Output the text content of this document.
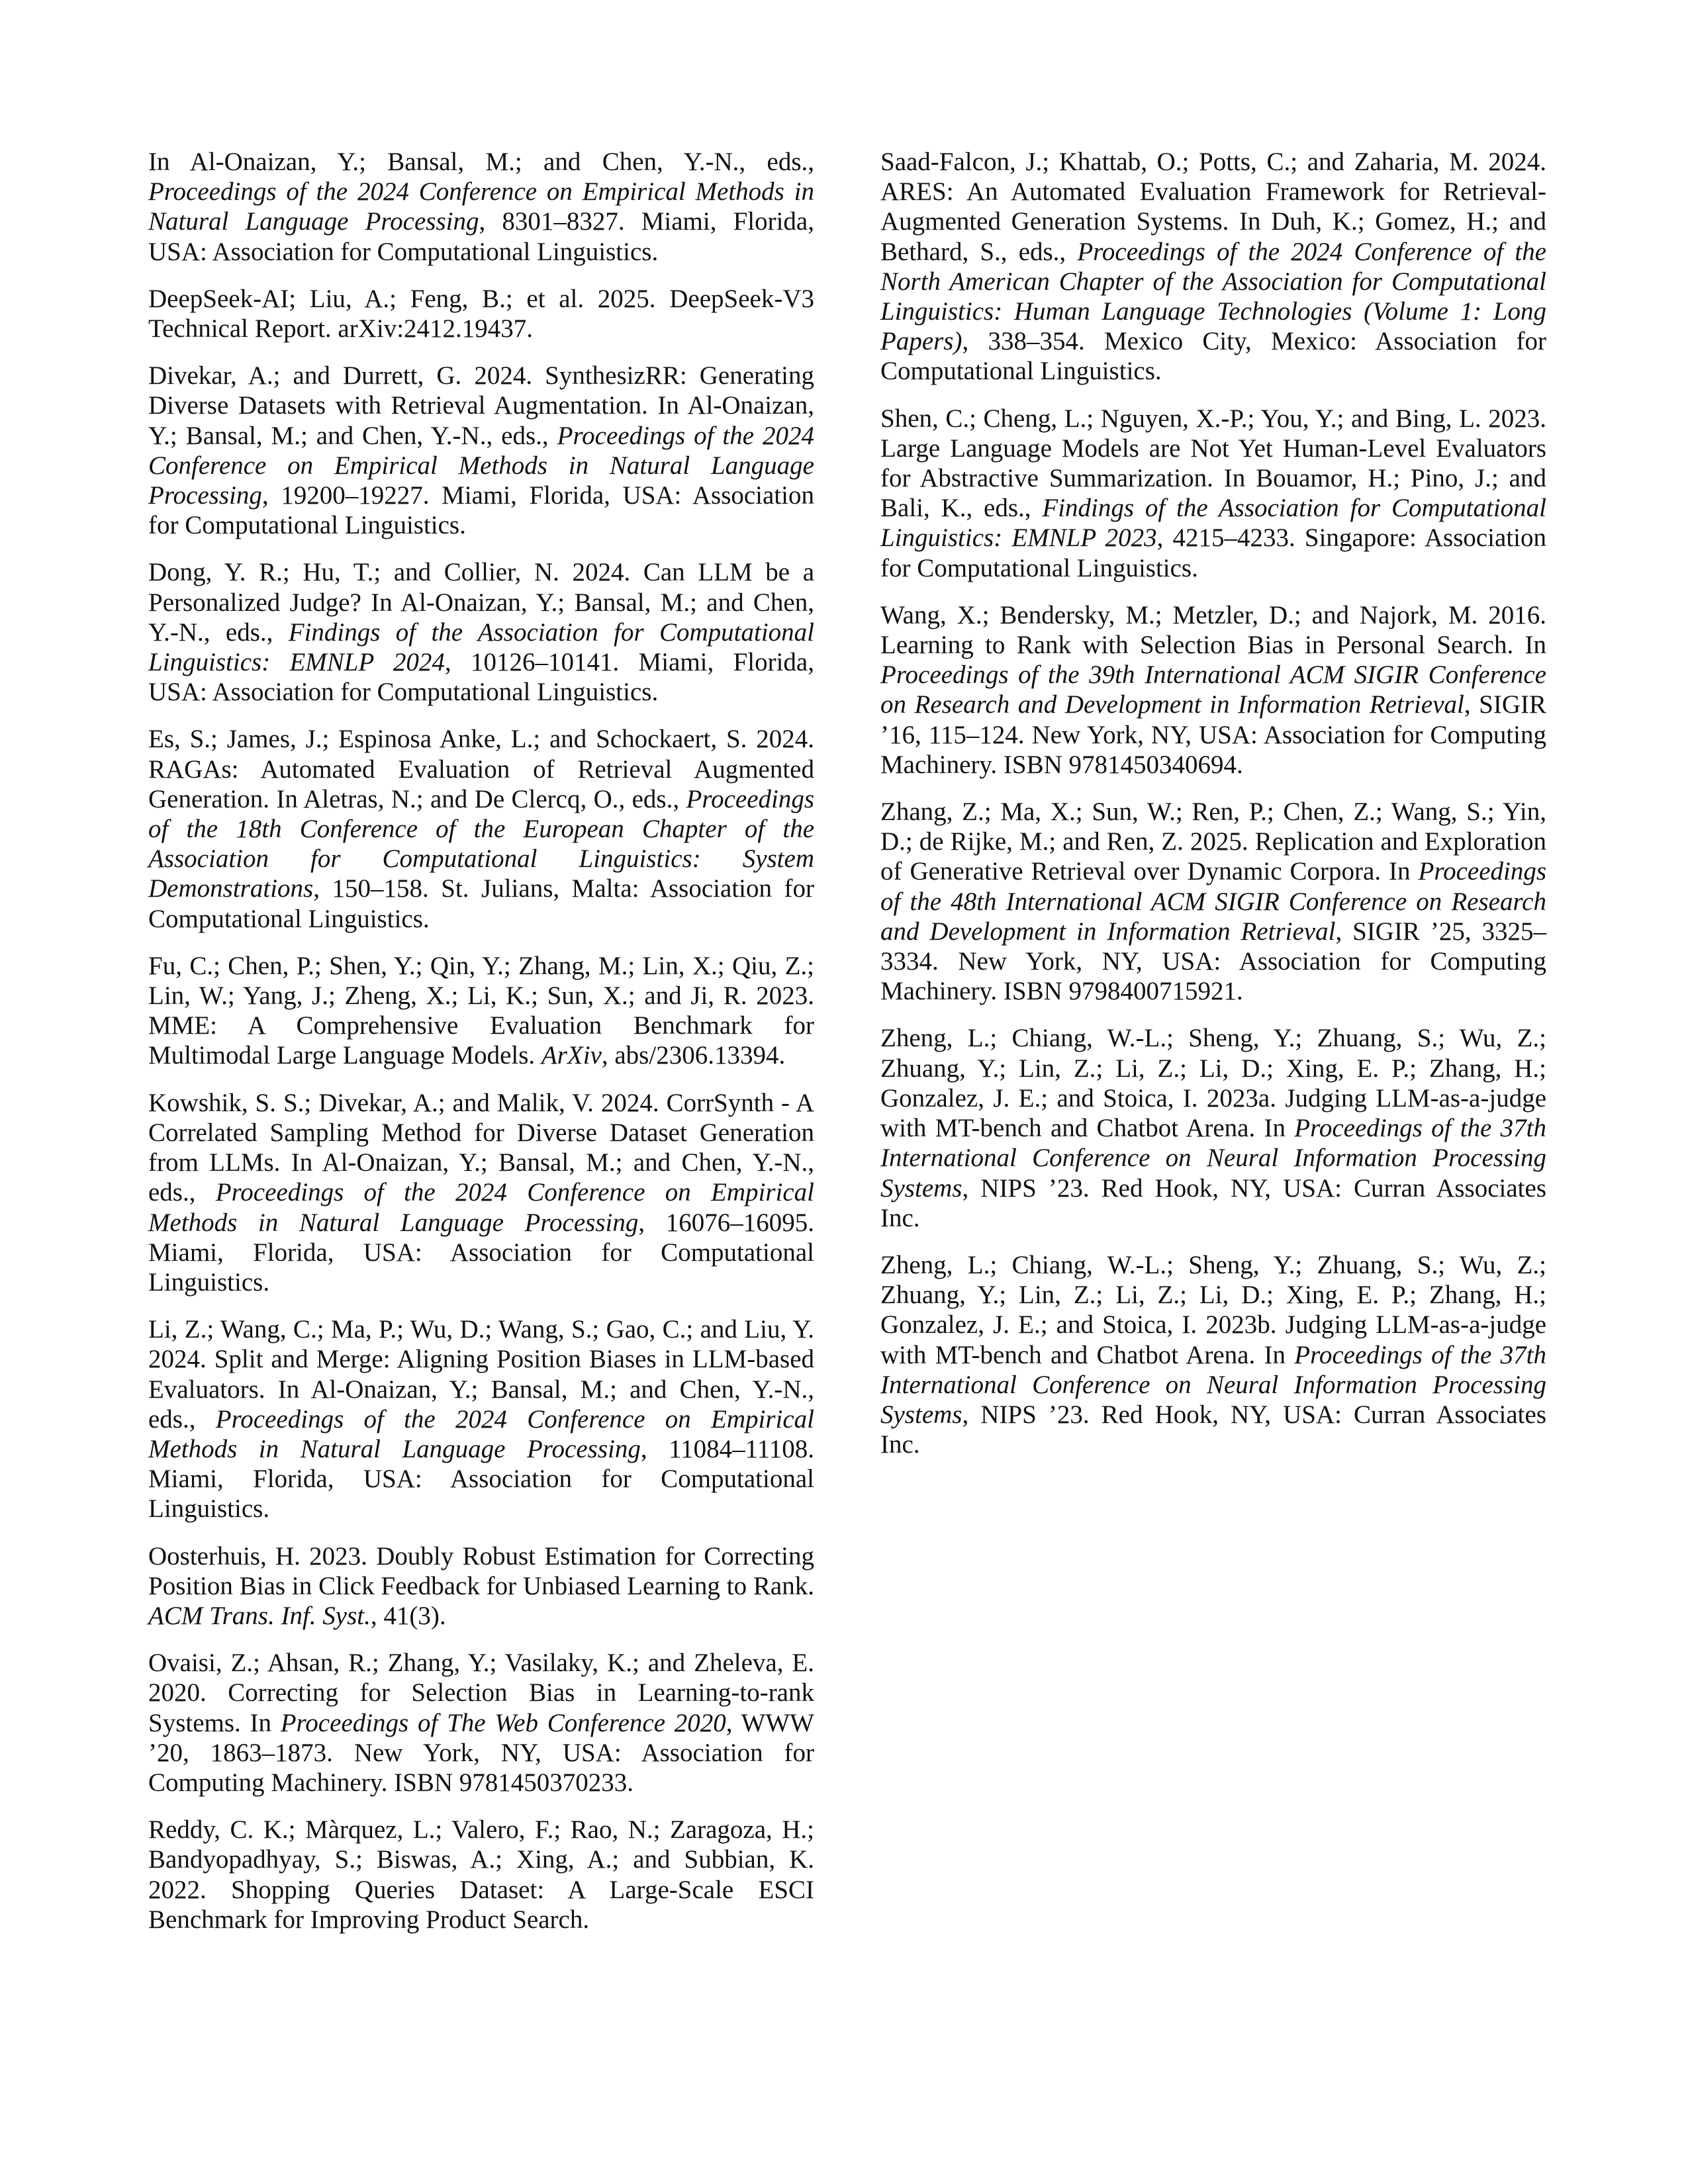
In Al-Onaizan, Y.; Bansal, M.; and Chen, Y.-N., eds., Proceedings of the 2024 Conference on Empirical Methods in Natural Language Processing, 8301–8327. Miami, Florida, USA: Association for Computational Linguistics.

DeepSeek-AI; Liu, A.; Feng, B.; et al. 2025. DeepSeek-V3 Technical Report. arXiv:2412.19437.

Divekar, A.; and Durrett, G. 2024. SynthesizRR: Generating Diverse Datasets with Retrieval Augmentation. In Al-Onaizan, Y.; Bansal, M.; and Chen, Y.-N., eds., Proceedings of the 2024 Conference on Empirical Methods in Natural Language Processing, 19200–19227. Miami, Florida, USA: Association for Computational Linguistics.

Dong, Y. R.; Hu, T.; and Collier, N. 2024. Can LLM be a Personalized Judge? In Al-Onaizan, Y.; Bansal, M.; and Chen, Y.-N., eds., Findings of the Association for Computational Linguistics: EMNLP 2024, 10126–10141. Miami, Florida, USA: Association for Computational Linguistics.

Es, S.; James, J.; Espinosa Anke, L.; and Schockaert, S. 2024. RAGAs: Automated Evaluation of Retrieval Augmented Generation. In Aletras, N.; and De Clercq, O., eds., Proceedings of the 18th Conference of the European Chapter of the Association for Computational Linguistics: System Demonstrations, 150–158. St. Julians, Malta: Association for Computational Linguistics.

Fu, C.; Chen, P.; Shen, Y.; Qin, Y.; Zhang, M.; Lin, X.; Qiu, Z.; Lin, W.; Yang, J.; Zheng, X.; Li, K.; Sun, X.; and Ji, R. 2023. MME: A Comprehensive Evaluation Benchmark for Multimodal Large Language Models. ArXiv, abs/2306.13394.

Kowshik, S. S.; Divekar, A.; and Malik, V. 2024. CorrSynth - A Correlated Sampling Method for Diverse Dataset Generation from LLMs. In Al-Onaizan, Y.; Bansal, M.; and Chen, Y.-N., eds., Proceedings of the 2024 Conference on Empirical Methods in Natural Language Processing, 16076–16095. Miami, Florida, USA: Association for Computational Linguistics.

Li, Z.; Wang, C.; Ma, P.; Wu, D.; Wang, S.; Gao, C.; and Liu, Y. 2024. Split and Merge: Aligning Position Biases in LLM-based Evaluators. In Al-Onaizan, Y.; Bansal, M.; and Chen, Y.-N., eds., Proceedings of the 2024 Conference on Empirical Methods in Natural Language Processing, 11084–11108. Miami, Florida, USA: Association for Computational Linguistics.

Oosterhuis, H. 2023. Doubly Robust Estimation for Correcting Position Bias in Click Feedback for Unbiased Learning to Rank. ACM Trans. Inf. Syst., 41(3).

Ovaisi, Z.; Ahsan, R.; Zhang, Y.; Vasilaky, K.; and Zheleva, E. 2020. Correcting for Selection Bias in Learning-to-rank Systems. In Proceedings of The Web Conference 2020, WWW ’20, 1863–1873. New York, NY, USA: Association for Computing Machinery. ISBN 9781450370233.

Reddy, C. K.; Màrquez, L.; Valero, F.; Rao, N.; Zaragoza, H.; Bandyopadhyay, S.; Biswas, A.; Xing, A.; and Subbian, K. 2022. Shopping Queries Dataset: A Large-Scale ESCI Benchmark for Improving Product Search.

Saad-Falcon, J.; Khattab, O.; Potts, C.; and Zaharia, M. 2024. ARES: An Automated Evaluation Framework for Retrieval-Augmented Generation Systems. In Duh, K.; Gomez, H.; and Bethard, S., eds., Proceedings of the 2024 Conference of the North American Chapter of the Association for Computational Linguistics: Human Language Technologies (Volume 1: Long Papers), 338–354. Mexico City, Mexico: Association for Computational Linguistics.

Shen, C.; Cheng, L.; Nguyen, X.-P.; You, Y.; and Bing, L. 2023. Large Language Models are Not Yet Human-Level Evaluators for Abstractive Summarization. In Bouamor, H.; Pino, J.; and Bali, K., eds., Findings of the Association for Computational Linguistics: EMNLP 2023, 4215–4233. Singapore: Association for Computational Linguistics.

Wang, X.; Bendersky, M.; Metzler, D.; and Najork, M. 2016. Learning to Rank with Selection Bias in Personal Search. In Proceedings of the 39th International ACM SIGIR Conference on Research and Development in Information Retrieval, SIGIR ’16, 115–124. New York, NY, USA: Association for Computing Machinery. ISBN 9781450340694.

Zhang, Z.; Ma, X.; Sun, W.; Ren, P.; Chen, Z.; Wang, S.; Yin, D.; de Rijke, M.; and Ren, Z. 2025. Replication and Exploration of Generative Retrieval over Dynamic Corpora. In Proceedings of the 48th International ACM SIGIR Conference on Research and Development in Information Retrieval, SIGIR ’25, 3325–3334. New York, NY, USA: Association for Computing Machinery. ISBN 9798400715921.

Zheng, L.; Chiang, W.-L.; Sheng, Y.; Zhuang, S.; Wu, Z.; Zhuang, Y.; Lin, Z.; Li, Z.; Li, D.; Xing, E. P.; Zhang, H.; Gonzalez, J. E.; and Stoica, I. 2023a. Judging LLM-as-a-judge with MT-bench and Chatbot Arena. In Proceedings of the 37th International Conference on Neural Information Processing Systems, NIPS ’23. Red Hook, NY, USA: Curran Associates Inc.

Zheng, L.; Chiang, W.-L.; Sheng, Y.; Zhuang, S.; Wu, Z.; Zhuang, Y.; Lin, Z.; Li, Z.; Li, D.; Xing, E. P.; Zhang, H.; Gonzalez, J. E.; and Stoica, I. 2023b. Judging LLM-as-a-judge with MT-bench and Chatbot Arena. In Proceedings of the 37th International Conference on Neural Information Processing Systems, NIPS ’23. Red Hook, NY, USA: Curran Associates Inc.
